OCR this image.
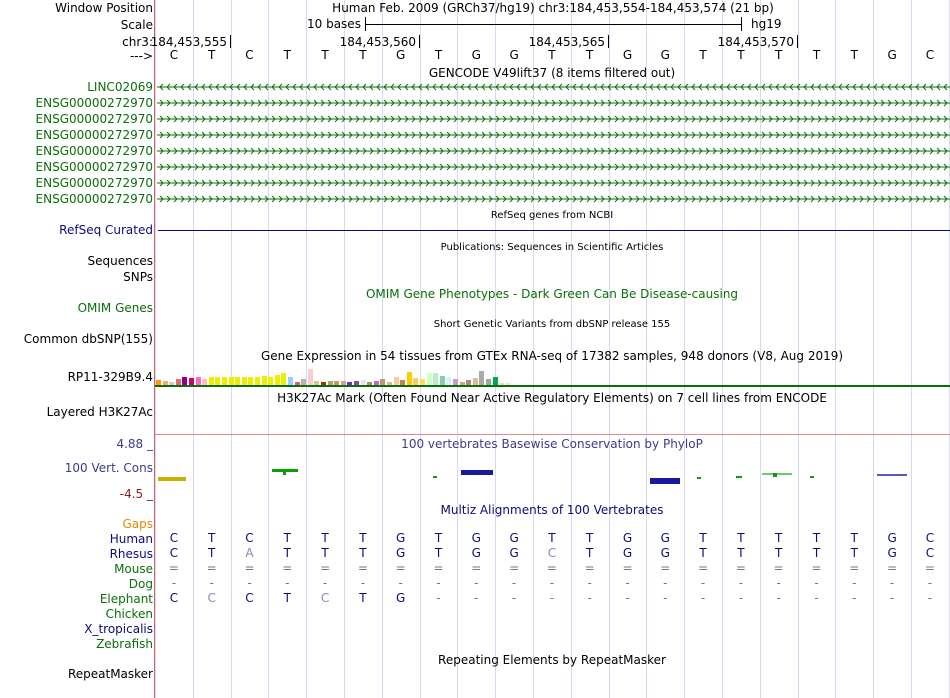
Window Position	Human Feb. 2009 (GRCh37/hg19) chr3:184,453,554-184,453,574 (21 bp)
Scale	10 bases	hg19
chr3:
184,453,555	184,453,560	184,453,565	184,453,570
--->	C	T	C	T	T	T	G	T	G	G	T	T	G	G	T	T	T	T	T	G	C
GENCODE V49lift37 (8 items filtered out)
LINC02069
ENSG00000272970
ENSG00000272970
ENSG00000272970
ENSG00000272970
ENSG00000272970
ENSG00000272970
ENSG00000272970
RefSeq genes from NCBI
RefSeq Curated
Publications: Sequences in Scientific Articles
Sequences
SNPs
OMIM Gene Phenotypes - Dark Green Can Be Disease-causing
OMIM Genes
Short Genetic Variants from dbSNP release 155
Common dbSNP(155)
Gene Expression in 54 tissues from GTEx RNA-seq of 17382 samples, 948 donors (V8, Aug 2019)
RP11-329B9.4
H3K27Ac Mark (Often Found Near Active Regulatory Elements) on 7 cell lines from ENCODE
Layered H3K27Ac
100 vertebrates Basewise Conservation by PhyloP
4.88 _
100 Vert. Cons
-4.5 _
Multiz Alignments of 100 Vertebrates
Gaps
Human	C	T	C	T	T	T	G	T	G	G	T	T	G	G	T	T	T	T	T	G	C
Rhesus	C	T	A	T	T	T	G	T	G	G	C	T	G	G	T	T	T	T	T	G	C
Mouse	=	=	=	=	=	=	=	=	=	=	=	=	=	=	=	=	=	=	=	=	=
Dog	-	-	-	-	-	-	-	-	-	-	-	-	-	-	-	-	-	-	-	-	-
Elephant	C	C	C	T	C	T	G	-	-	-	-	-	-	-	-	-	-	-	-	-	-
Chicken
X_tropicalis
Zebrafish
Repeating Elements by RepeatMasker
RepeatMasker
